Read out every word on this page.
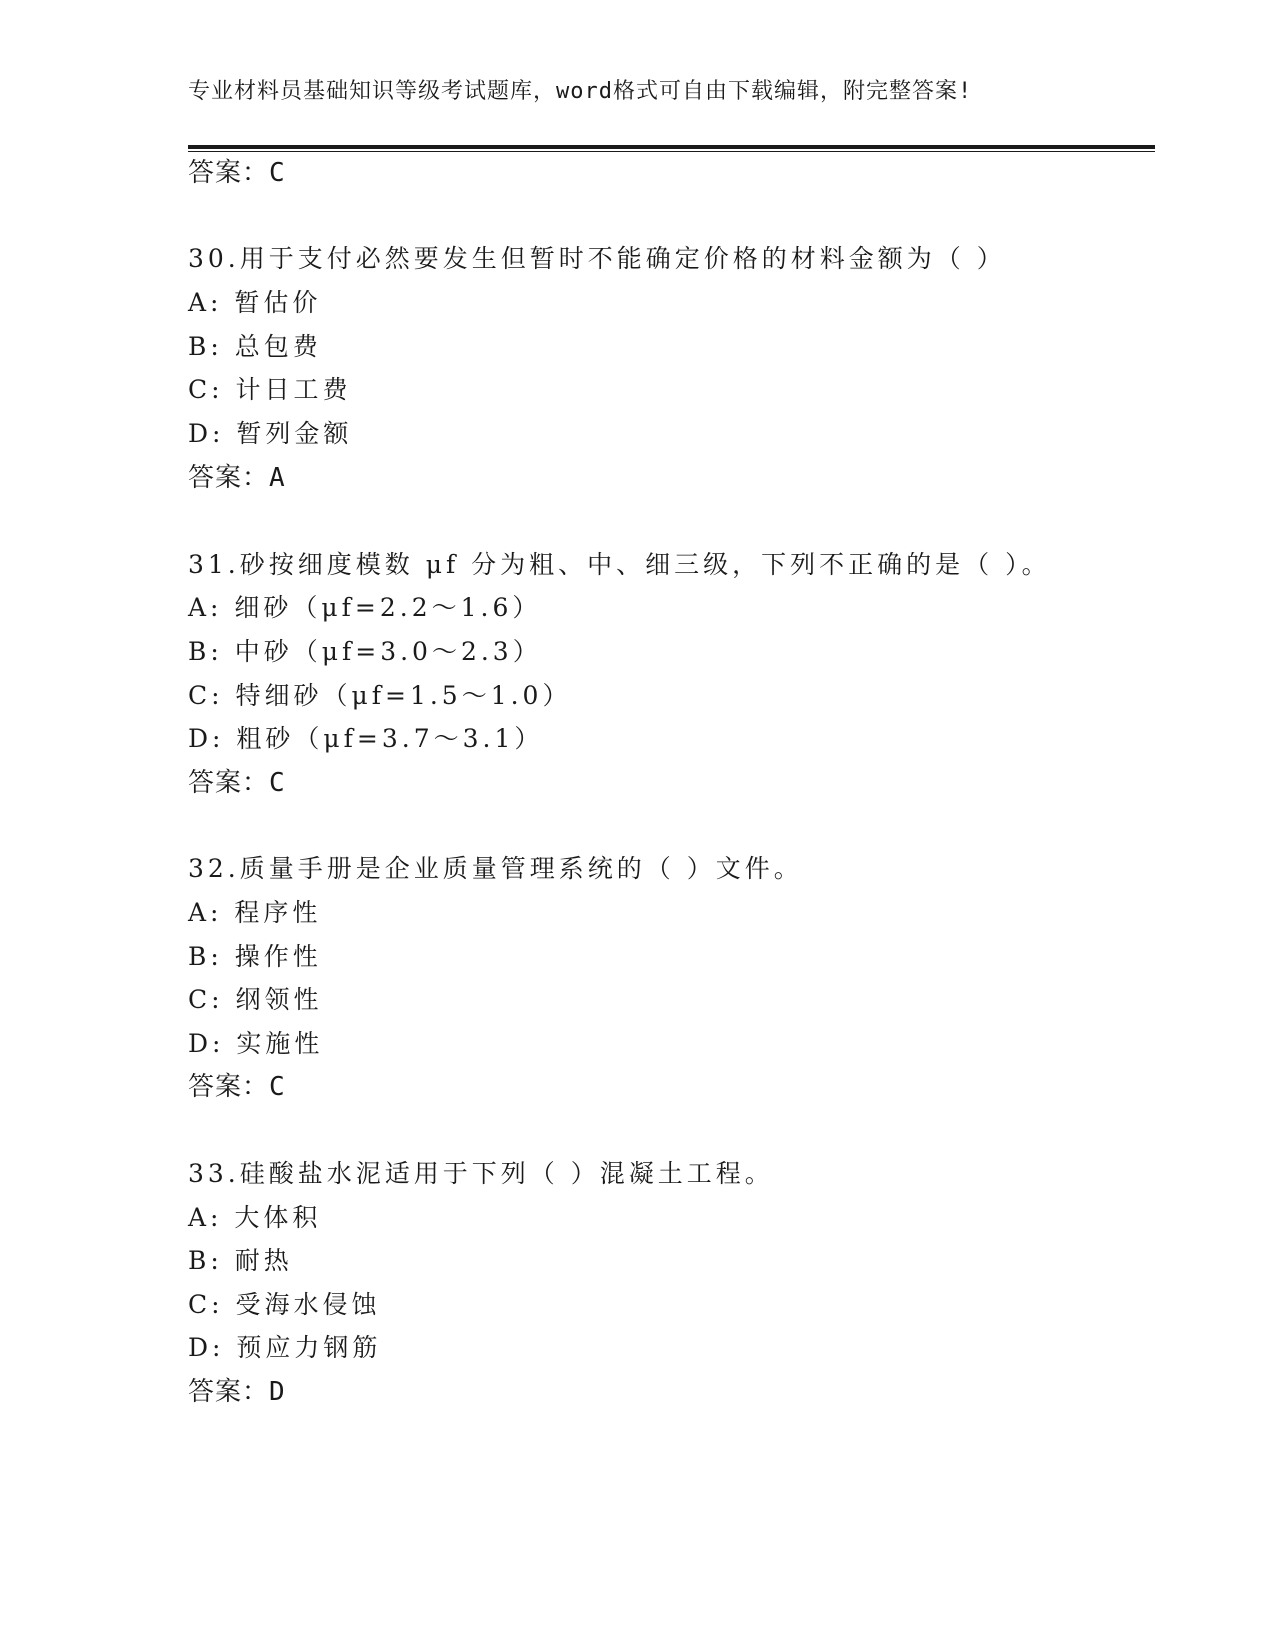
专业材料员基础知识等级考试题库，word格式可自由下载编辑，附完整答案!
答案：C
30.用于支付必然要发生但暂时不能确定价格的材料金额为（ ）
A: 暂估价
B: 总包费
C: 计日工费
D: 暂列金额
答案：A
31.砂按细度模数 μf 分为粗、中、细三级，下列不正确的是（ ）。
A: 细砂（μf=2.2～1.6）
B: 中砂（μf=3.0～2.3）
C: 特细砂（μf=1.5～1.0）
D: 粗砂（μf=3.7～3.1）
答案：C
32.质量手册是企业质量管理系统的（ ）文件。
A: 程序性
B: 操作性
C: 纲领性
D: 实施性
答案：C
33.硅酸盐水泥适用于下列（ ）混凝土工程。
A: 大体积
B: 耐热
C: 受海水侵蚀
D: 预应力钢筋
答案：D
